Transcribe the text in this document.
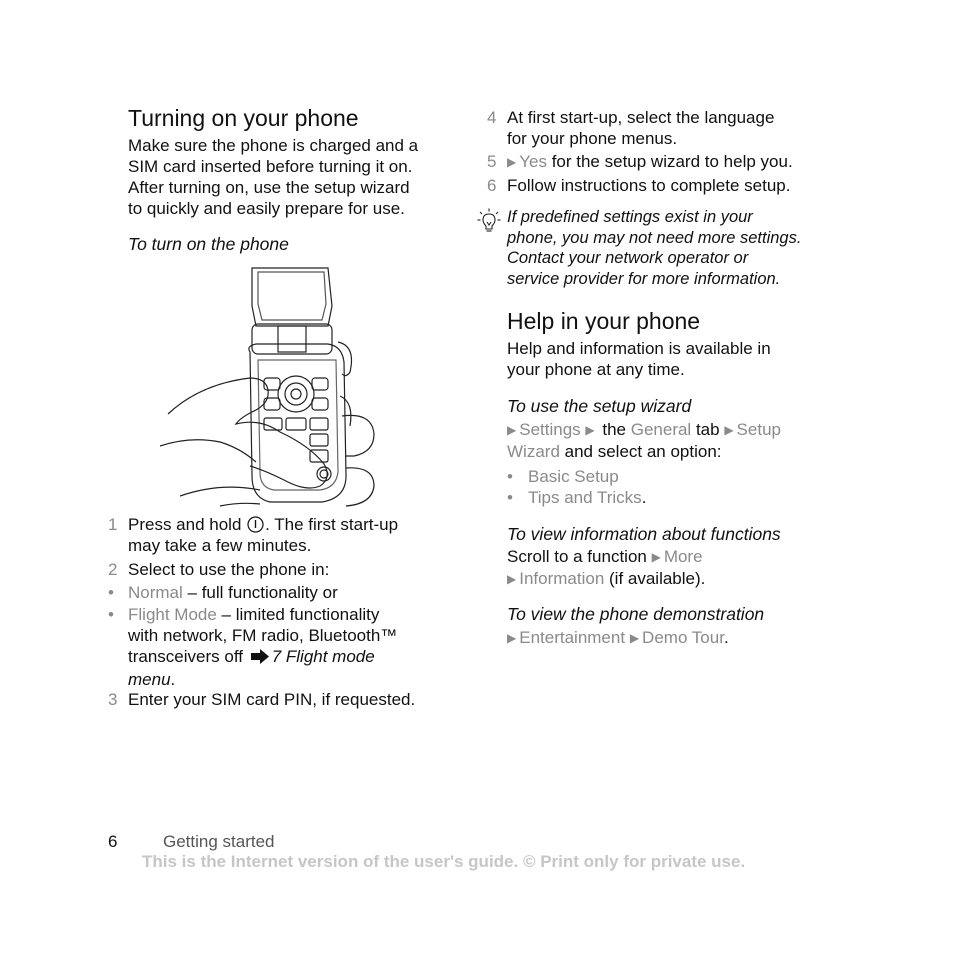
Turning on your phone
Make sure the phone is charged and a
SIM card inserted before turning it on.
After turning on, use the setup wizard
to quickly and easily prepare for use.
To turn on the phone
1 Press and hold . The first start-up
may take a few minutes.
2 Select to use the phone in:
• Normal – full functionality or
• Flight Mode – limited functionality
with network, FM radio, Bluetooth™
transceivers off 7 Flight mode
menu.
3 Enter your SIM card PIN, if requested.
4 At first start-up, select the language
for your phone menus.
5 ▶ Yes for the setup wizard to help you.
6 Follow instructions to complete setup.
If predefined settings exist in your
phone, you may not need more settings.
Contact your network operator or
service provider for more information.
Help in your phone
Help and information is available in
your phone at any time.
To use the setup wizard
▶ Settings ▶ the General tab ▶ Setup
Wizard and select an option:
• Basic Setup
• Tips and Tricks.
To view information about functions
Scroll to a function ▶ More
▶ Information (if available).
To view the phone demonstration
▶ Entertainment ▶ Demo Tour.
6	Getting started
This is the Internet version of the user's guide. © Print only for private use.
